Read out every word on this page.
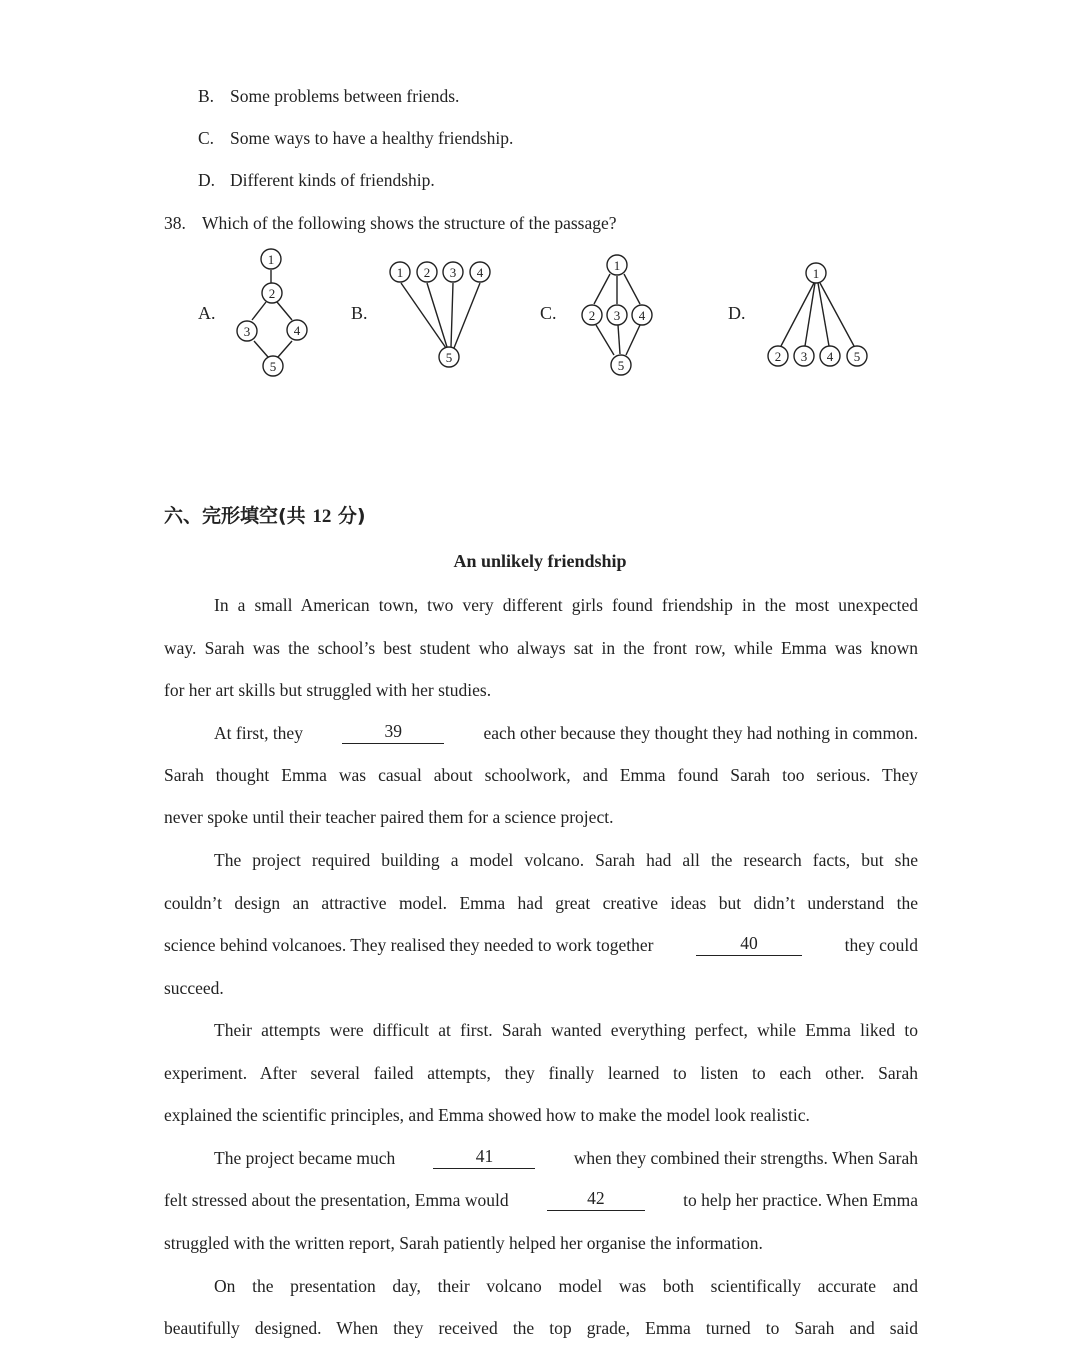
B. Some problems between friends.
C. Some ways to have a healthy friendship.
D. Different kinds of friendship.
38. Which of the following shows the structure of the passage?
A.	B.	C.	D.
1
2
3	4
5
1 2 3 4
5
1
2 3 4
5
1
2 3 4 5
六、完形填空(共 12 分)
An unlikely friendship
In a small American town, two very different girls found friendship in the most unexpected
way. Sarah was the school’s best student who always sat in the front row, while Emma was known
for her art skills but struggled with her studies.
At first, they	39	each other because they thought they had nothing in common.
Sarah thought Emma was casual about schoolwork, and Emma found Sarah too serious. They
never spoke until their teacher paired them for a science project.
The project required building a model volcano. Sarah had all the research facts, but she
couldn’t design an attractive model. Emma had great creative ideas but didn’t understand the
science behind volcanoes. They realised they needed to work together	40	they could
succeed.
Their attempts were difficult at first. Sarah wanted everything perfect, while Emma liked to
experiment. After several failed attempts, they finally learned to listen to each other. Sarah
explained the scientific principles, and Emma showed how to make the model look realistic.
The project became much	41	when they combined their strengths. When Sarah
felt stressed about the presentation, Emma would	42	to help her practice. When Emma
struggled with the written report, Sarah patiently helped her organise the information.
On the presentation day, their volcano model was both scientifically accurate and
beautifully designed. When they received the top grade, Emma turned to Sarah and said
